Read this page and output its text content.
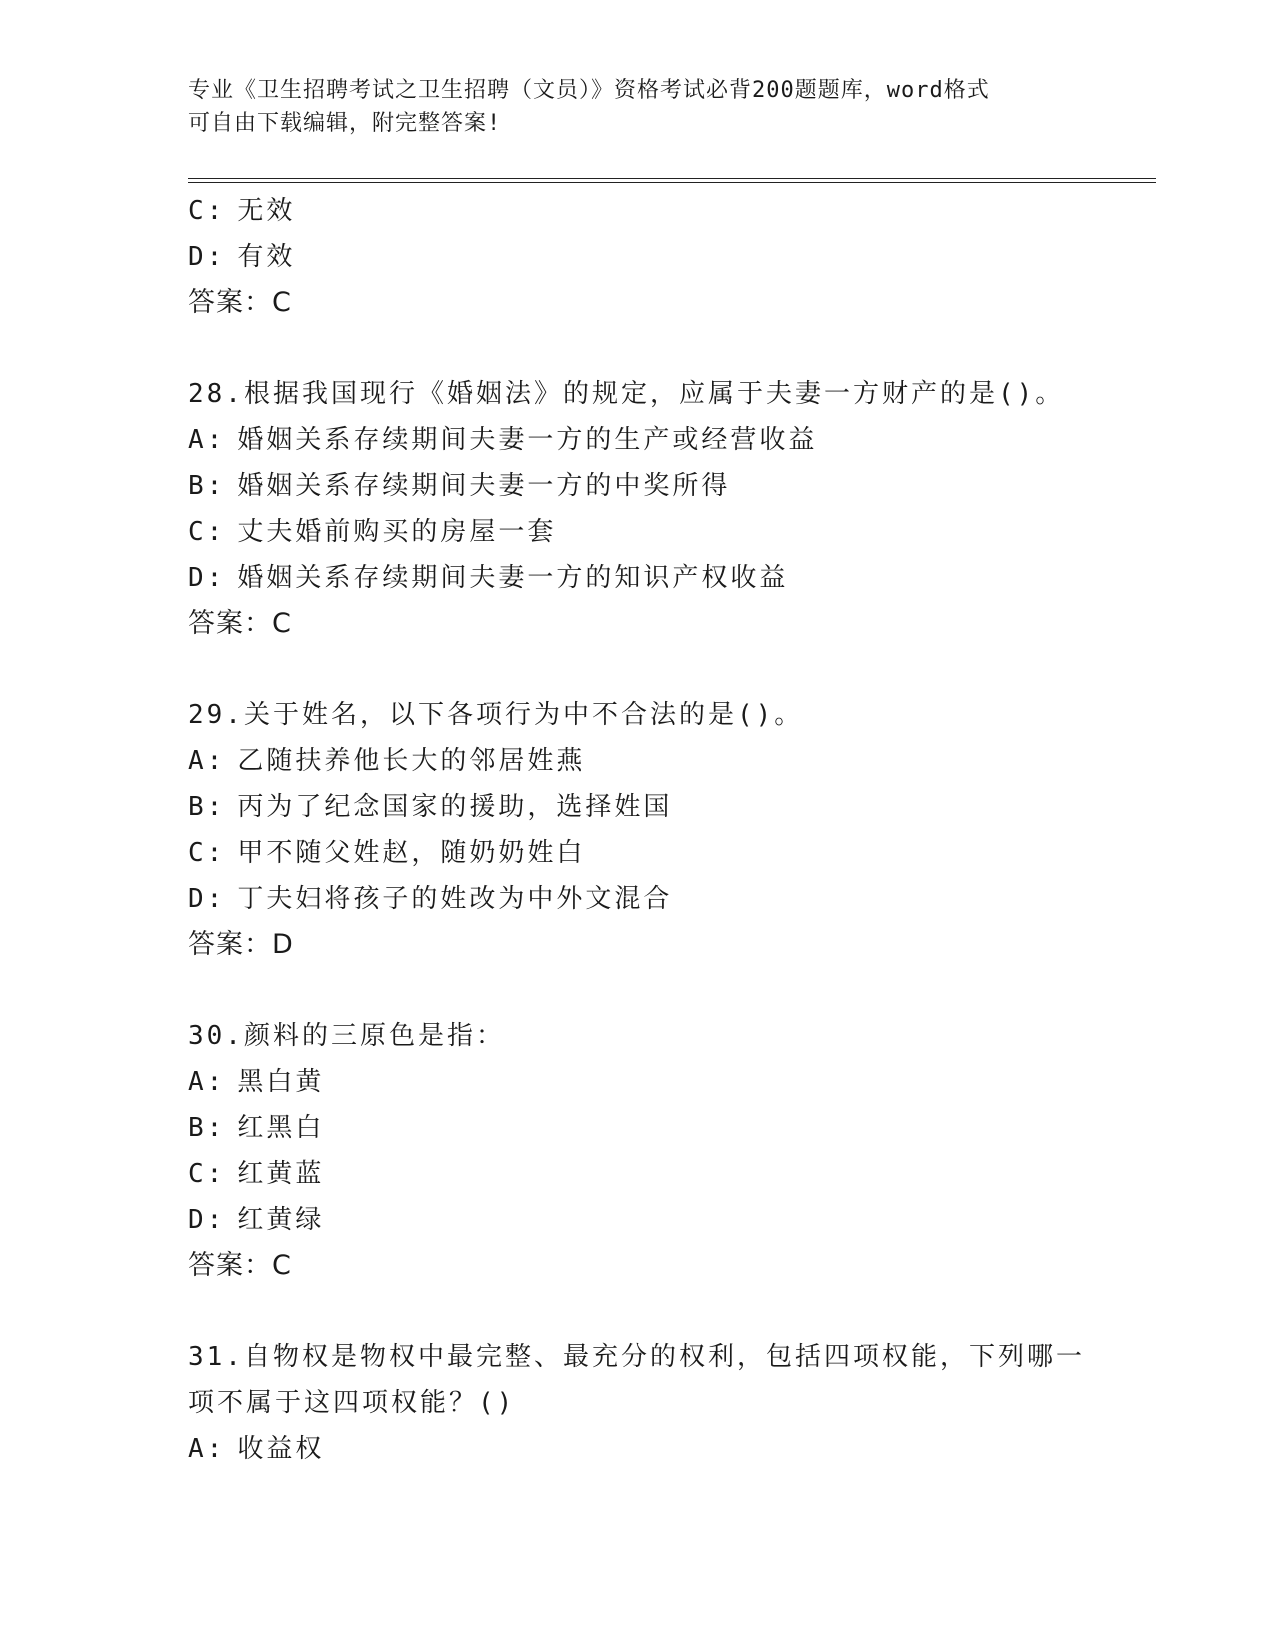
专业《卫生招聘考试之卫生招聘（文员）》资格考试必背200题题库，word格式
可自由下载编辑，附完整答案!
C: 无效
D: 有效
答案：C
28.根据我国现行《婚姻法》的规定，应属于夫妻一方财产的是()。
A: 婚姻关系存续期间夫妻一方的生产或经营收益
B: 婚姻关系存续期间夫妻一方的中奖所得
C: 丈夫婚前购买的房屋一套
D: 婚姻关系存续期间夫妻一方的知识产权收益
答案：C
29.关于姓名，以下各项行为中不合法的是()。
A: 乙随扶养他长大的邻居姓燕
B: 丙为了纪念国家的援助，选择姓国
C: 甲不随父姓赵，随奶奶姓白
D: 丁夫妇将孩子的姓改为中外文混合
答案：D
30.颜料的三原色是指：
A: 黑白黄
B: 红黑白
C: 红黄蓝
D: 红黄绿
答案：C
31.自物权是物权中最完整、最充分的权利，包括四项权能，下列哪一
项不属于这四项权能？()
A: 收益权
